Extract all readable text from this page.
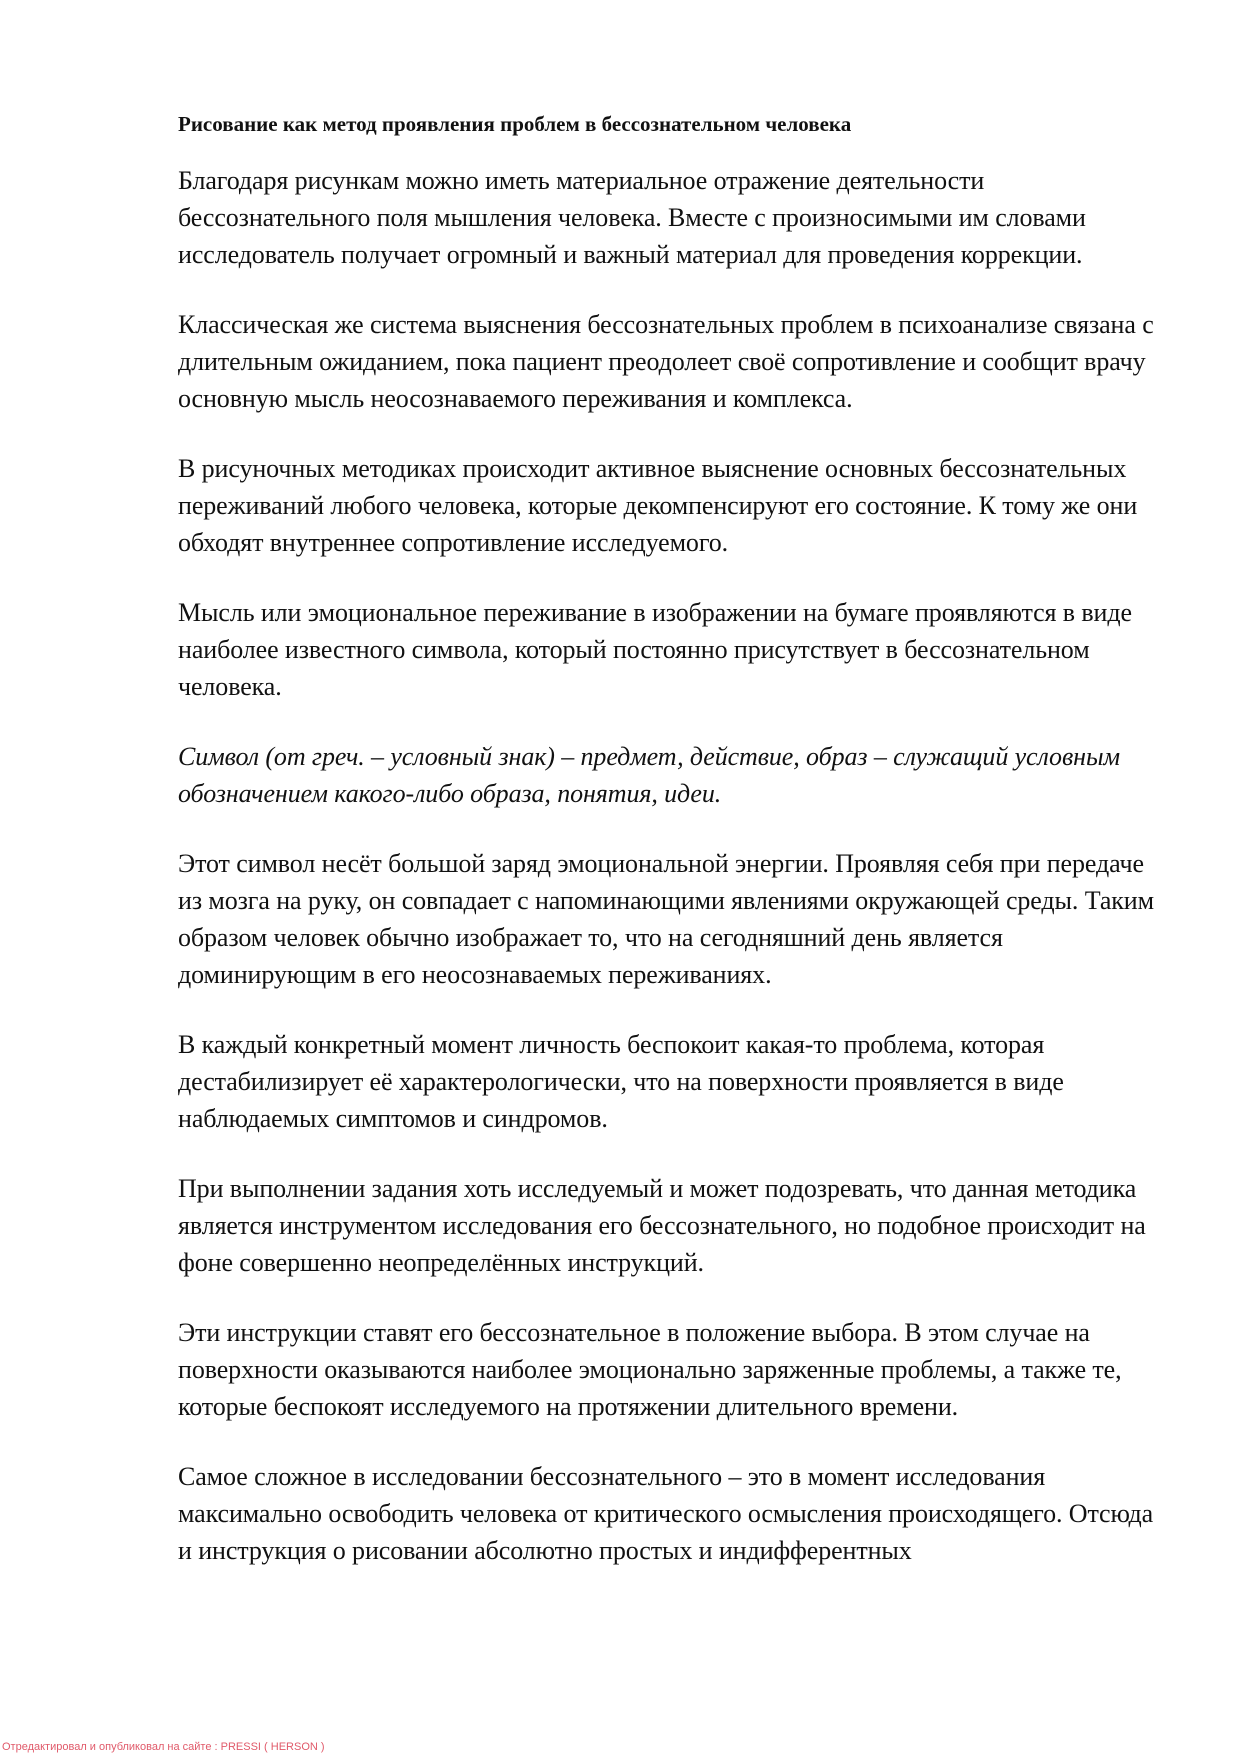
Рисование как метод проявления проблем в бессознательном человека

Благодаря рисункам можно иметь материальное отражение деятельности бессознательного поля мышления человека. Вместе с произносимыми им словами исследователь получает огромный и важный материал для проведения коррекции.

Классическая же система выяснения бессознательных проблем в психоанализе связана с длительным ожиданием, пока пациент преодолеет своё сопротивление и сообщит врачу основную мысль неосознаваемого переживания и комплекса.

В рисуночных методиках происходит активное выяснение основных бессознательных переживаний любого человека, которые декомпенсируют его состояние. К тому же они обходят внутреннее сопротивление исследуемого.

Мысль или эмоциональное переживание в изображении на бумаге проявляются в виде наиболее известного символа, который постоянно присутствует в бессознательном человека.

Символ (от греч. – условный знак) – предмет, действие, образ – служащий условным обозначением какого-либо образа, понятия, идеи.

Этот символ несёт большой заряд эмоциональной энергии. Проявляя себя при передаче из мозга на руку, он совпадает с напоминающими явлениями окружающей среды. Таким образом человек обычно изображает то, что на сегодняшний день является доминирующим в его неосознаваемых переживаниях.

В каждый конкретный момент личность беспокоит какая-то проблема, которая дестабилизирует её характерологически, что на поверхности проявляется в виде наблюдаемых симптомов и синдромов.

При выполнении задания хоть исследуемый и может подозревать, что данная методика является инструментом исследования его бессознательного, но подобное происходит на фоне совершенно неопределённых инструкций.

Эти инструкции ставят его бессознательное в положение выбора. В этом случае на поверхности оказываются наиболее эмоционально заряженные проблемы, а также те, которые беспокоят исследуемого на протяжении длительного времени.

Самое сложное в исследовании бессознательного – это в момент исследования максимально освободить человека от критического осмысления происходящего. Отсюда и инструкция о рисовании абсолютно простых и индифферентных

Отредактировал и опубликовал на сайте : PRESSI ( HERSON )
